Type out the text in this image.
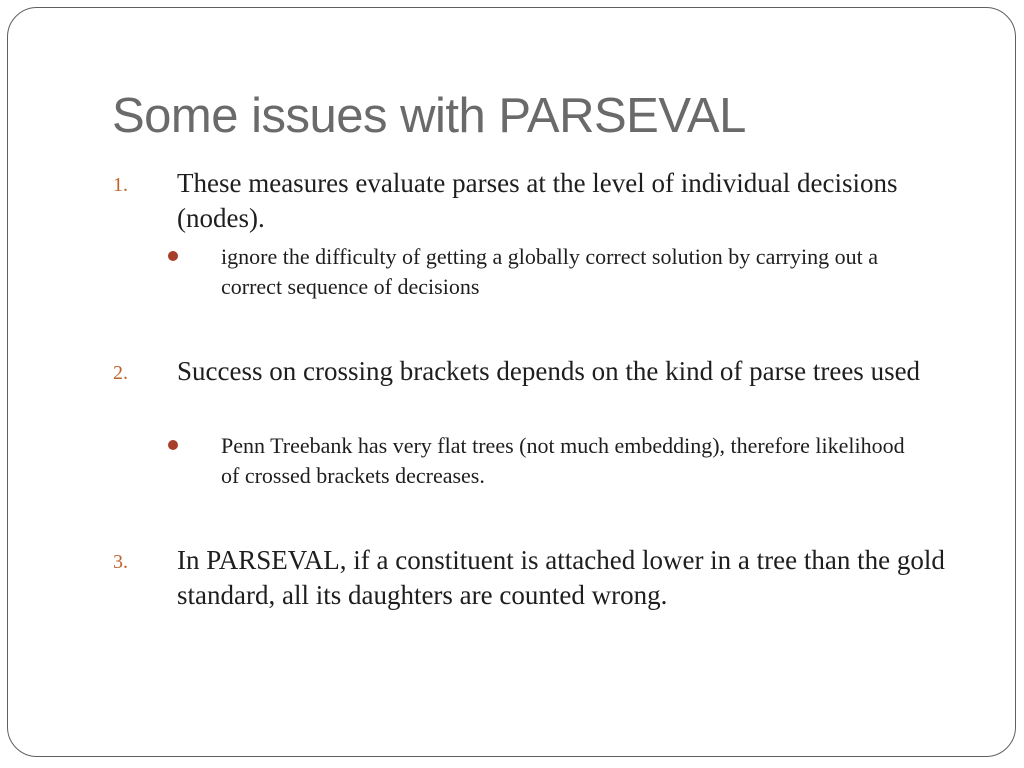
Some issues with PARSEVAL
1. These measures evaluate parses at the level of individual decisions (nodes).
ignore the difficulty of getting a globally correct solution by carrying out a correct sequence of decisions
2. Success on crossing brackets depends on the kind of parse trees used
Penn Treebank has very flat trees (not much embedding), therefore likelihood of crossed brackets decreases.
3. In PARSEVAL, if a constituent is attached lower in a tree than the gold standard, all its daughters are counted wrong.
